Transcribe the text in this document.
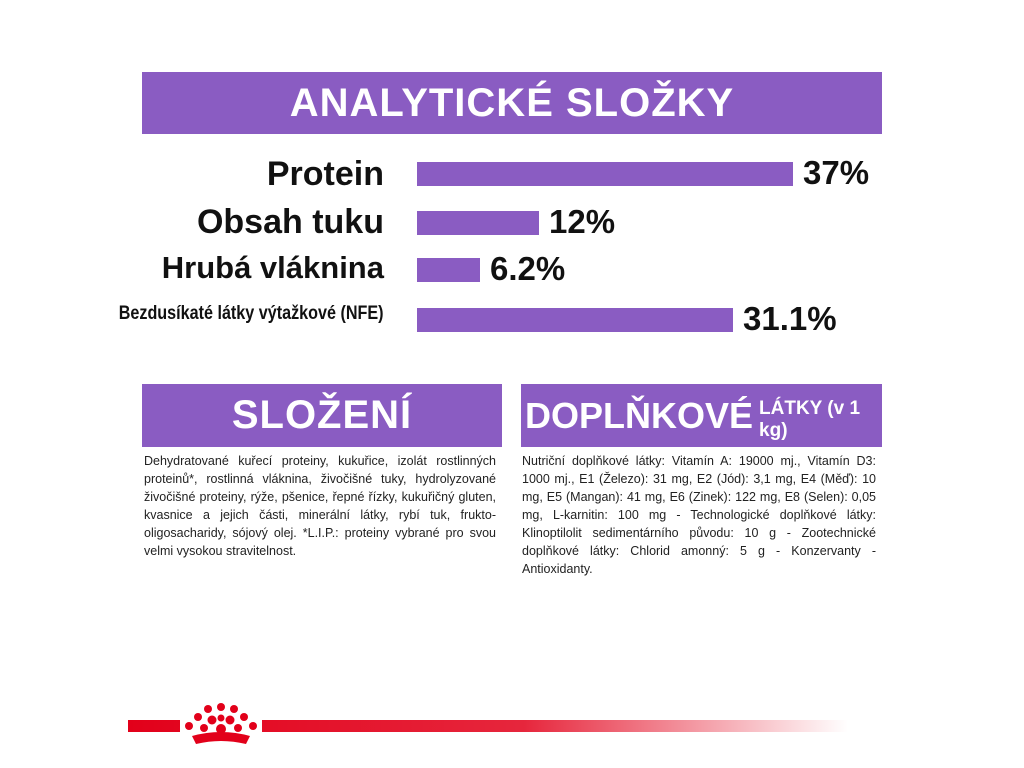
ANALYTICKÉ SLOŽKY
Protein	37%
Obsah tuku	12%
Hrubá vláknina	6.2%
Bezdusíkaté látky výtažkové (NFE)	31.1%
SLOŽENÍ
Dehydratované kuřecí proteiny, kukuřice, izolát rostlinných proteinů*, rostlinná vláknina, živočišné tuky, hydrolyzované živočišné proteiny, rýže, pšenice, řepné řízky, kukuřičný gluten, kvasnice a jejich části, minerální látky, rybí tuk, frukto-oligosacharidy, sójový olej. *L.I.P.: proteiny vybrané pro svou velmi vysokou stravitelnost.
DOPLŇKOVÉ LÁTKY (v 1 kg)
Nutriční doplňkové látky: Vitamín A: 19000 mj., Vitamín D3: 1000 mj., E1 (Železo): 31 mg, E2 (Jód): 3,1 mg, E4 (Měď): 10 mg, E5 (Mangan): 41 mg, E6 (Zinek): 122 mg, E8 (Selen): 0,05 mg, L-karnitin: 100 mg - Technologické doplňkové látky: Klinoptilolit sedimentárního původu: 10 g - Zootechnické doplňkové látky: Chlorid amonný: 5 g - Konzervanty - Antioxidanty.
